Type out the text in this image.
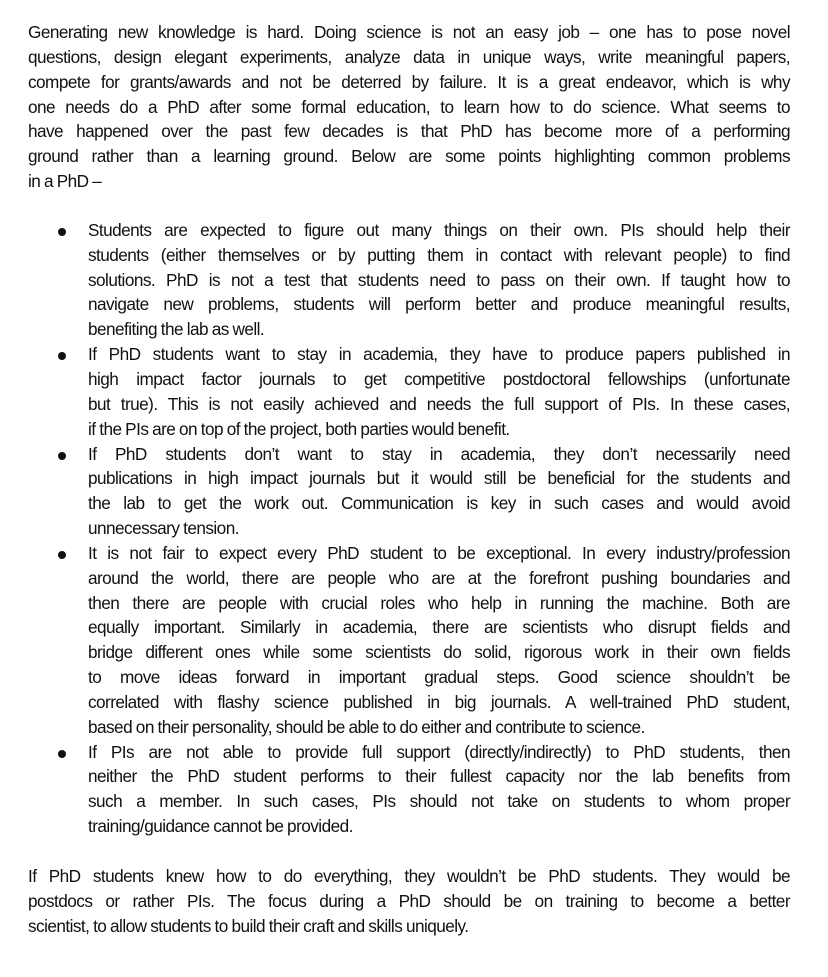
Generating new knowledge is hard. Doing science is not an easy job – one has to pose novel
questions, design elegant experiments, analyze data in unique ways, write meaningful papers,
compete for grants/awards and not be deterred by failure. It is a great endeavor, which is why
one needs do a PhD after some formal education, to learn how to do science. What seems to
have happened over the past few decades is that PhD has become more of a performing
ground rather than a learning ground. Below are some points highlighting common problems
in a PhD –
Students are expected to figure out many things on their own. PIs should help their
students (either themselves or by putting them in contact with relevant people) to find
solutions. PhD is not a test that students need to pass on their own. If taught how to
navigate new problems, students will perform better and produce meaningful results,
benefiting the lab as well.
If PhD students want to stay in academia, they have to produce papers published in
high impact factor journals to get competitive postdoctoral fellowships (unfortunate
but true). This is not easily achieved and needs the full support of PIs. In these cases,
if the PIs are on top of the project, both parties would benefit.
If PhD students don’t want to stay in academia, they don’t necessarily need
publications in high impact journals but it would still be beneficial for the students and
the lab to get the work out. Communication is key in such cases and would avoid
unnecessary tension.
It is not fair to expect every PhD student to be exceptional. In every industry/profession
around the world, there are people who are at the forefront pushing boundaries and
then there are people with crucial roles who help in running the machine. Both are
equally important. Similarly in academia, there are scientists who disrupt fields and
bridge different ones while some scientists do solid, rigorous work in their own fields
to move ideas forward in important gradual steps. Good science shouldn’t be
correlated with flashy science published in big journals. A well-trained PhD student,
based on their personality, should be able to do either and contribute to science.
If PIs are not able to provide full support (directly/indirectly) to PhD students, then
neither the PhD student performs to their fullest capacity nor the lab benefits from
such a member. In such cases, PIs should not take on students to whom proper
training/guidance cannot be provided.
If PhD students knew how to do everything, they wouldn’t be PhD students. They would be
postdocs or rather PIs. The focus during a PhD should be on training to become a better
scientist, to allow students to build their craft and skills uniquely.
